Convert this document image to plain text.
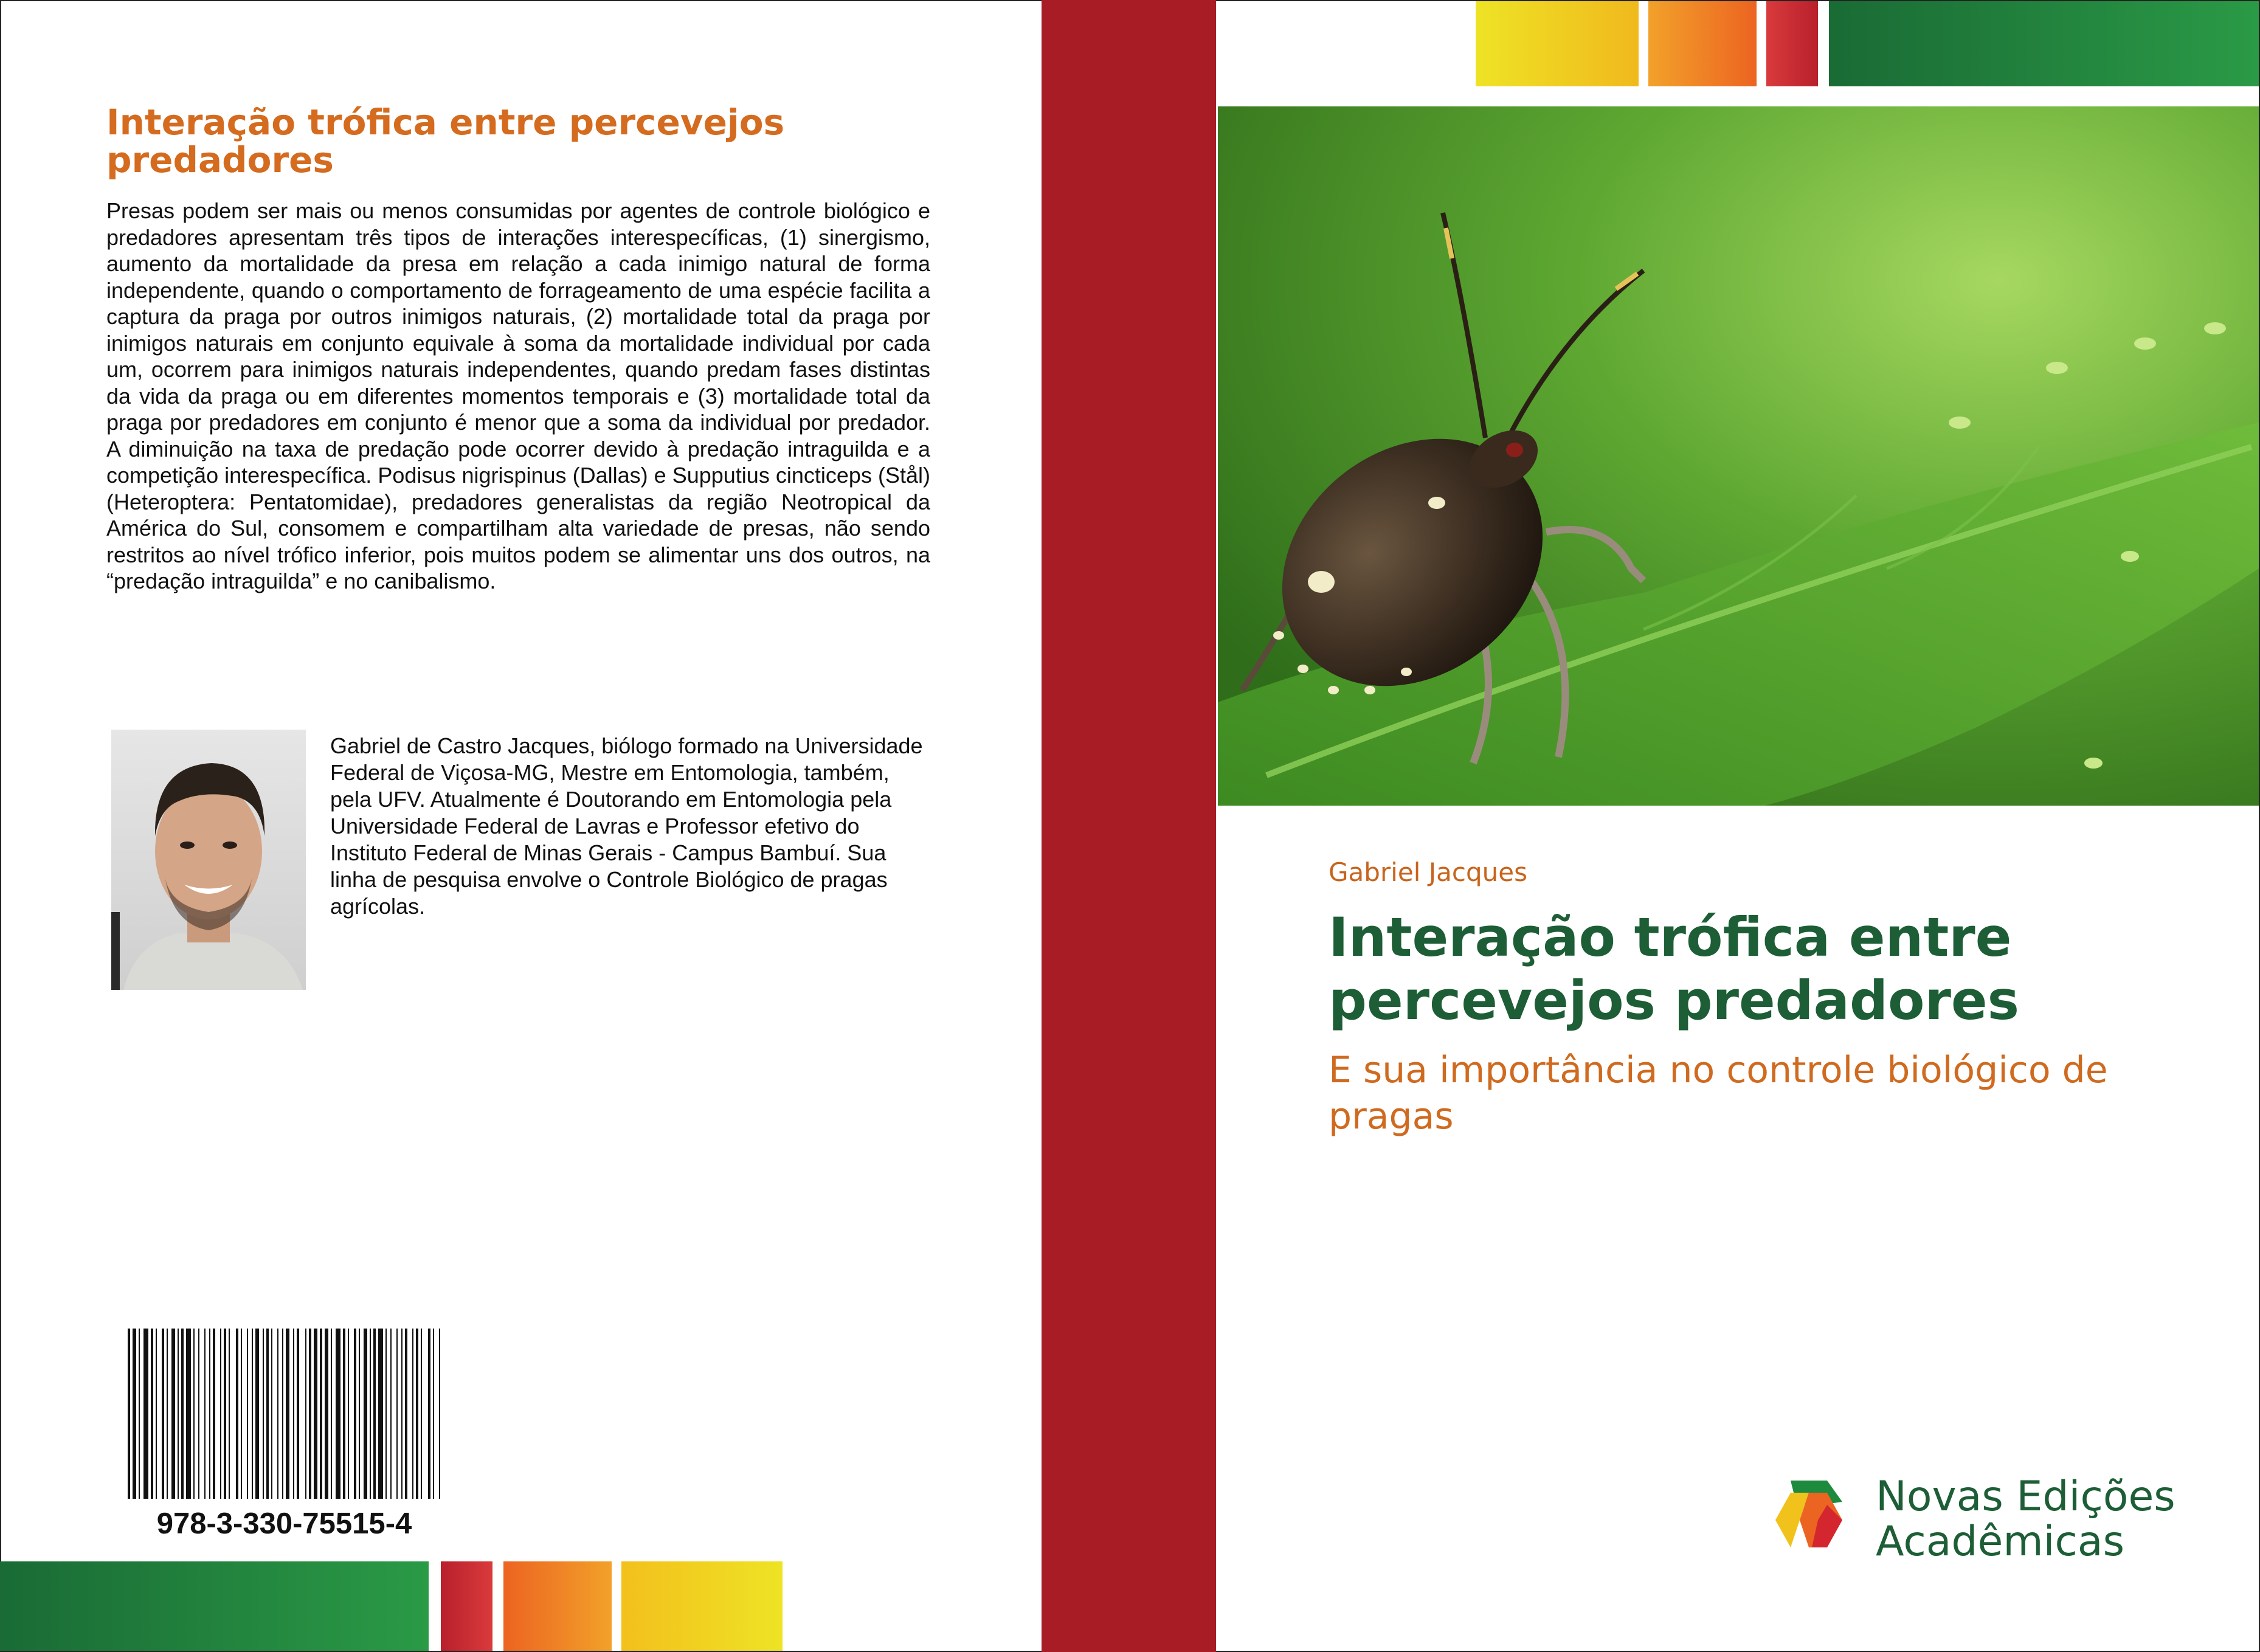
Interação trófica entre percevejos predadores

Presas podem ser mais ou menos consumidas por agentes de controle biológico e predadores apresentam três tipos de interações interespecíficas, (1) sinergismo, aumento da mortalidade da presa em relação a cada inimigo natural de forma independente, quando o comportamento de forrageamento de uma espécie facilita a captura da praga por outros inimigos naturais, (2) mortalidade total da praga por inimigos naturais em conjunto equivale à soma da mortalidade individual por cada um, ocorrem para inimigos naturais independentes, quando predam fases distintas da vida da praga ou em diferentes momentos temporais e (3) mortalidade total da praga por predadores em conjunto é menor que a soma da individual por predador. A diminuição na taxa de predação pode ocorrer devido à predação intraguilda e a competição interespecífica. Podisus nigrispinus (Dallas) e Supputius cincticeps (Stål) (Heteroptera: Pentatomidae), predadores generalistas da região Neotropical da América do Sul, consomem e compartilham alta variedade de presas, não sendo restritos ao nível trófico inferior, pois muitos podem se alimentar uns dos outros, na “predação intraguilda” e no canibalismo.

Gabriel de Castro Jacques, biólogo formado na Universidade Federal de Viçosa-MG, Mestre em Entomologia, também, pela UFV. Atualmente é Doutorando em Entomologia pela Universidade Federal de Lavras e Professor efetivo do Instituto Federal de Minas Gerais - Campus Bambuí. Sua linha de pesquisa envolve o Controle Biológico de pragas agrícolas.

978-3-330-75515-4
Gabriel Jacques
Interação trófica entre percevejos predadores

E sua importância no controle biológico de pragas

Novas Edições
Acadêmicas
